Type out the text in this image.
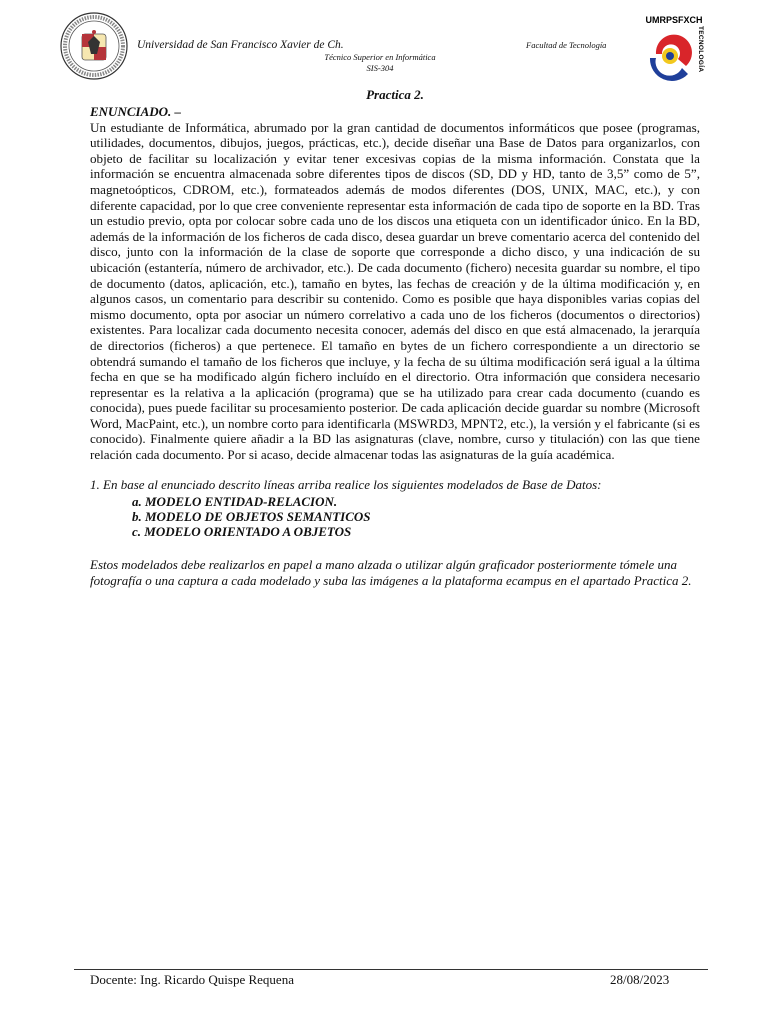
Universidad de San Francisco Xavier de Ch.	Facultad de Tecnología
Técnico Superior en Informática
SIS-304
UMRPSFXCH
TECNOLOGÍA

Practica 2.

ENUNCIADO. –

Un estudiante de Informática, abrumado por la gran cantidad de documentos informáticos que posee (programas, utilidades, documentos, dibujos, juegos, prácticas, etc.), decide diseñar una Base de Datos para organizarlos, con objeto de facilitar su localización y evitar tener excesivas copias de la misma información. Constata que la información se encuentra almacenada sobre diferentes tipos de discos (SD, DD y HD, tanto de 3,5” como de 5”, magnetoópticos, CDROM, etc.), formateados además de modos diferentes (DOS, UNIX, MAC, etc.), y con diferente capacidad, por lo que cree conveniente representar esta información de cada tipo de soporte en la BD. Tras un estudio previo, opta por colocar sobre cada uno de los discos una etiqueta con un identificador único. En la BD, además de la información de los ficheros de cada disco, desea guardar un breve comentario acerca del contenido del disco, junto con la información de la clase de soporte que corresponde a dicho disco, y una indicación de su ubicación (estantería, número de archivador, etc.). De cada documento (fichero) necesita guardar su nombre, el tipo de documento (datos, aplicación, etc.), tamaño en bytes, las fechas de creación y de la última modificación y, en algunos casos, un comentario para describir su contenido. Como es posible que haya disponibles varias copias del mismo documento, opta por asociar un número correlativo a cada uno de los ficheros (documentos o directorios) existentes. Para localizar cada documento necesita conocer, además del disco en que está almacenado, la jerarquía de directorios (ficheros) a que pertenece. El tamaño en bytes de un fichero correspondiente a un directorio se obtendrá sumando el tamaño de los ficheros que incluye, y la fecha de su última modificación será igual a la última fecha en que se ha modificado algún fichero incluído en el directorio. Otra información que considera necesario representar es la relativa a la aplicación (programa) que se ha utilizado para crear cada documento (cuando es conocida), pues puede facilitar su procesamiento posterior. De cada aplicación decide guardar su nombre (Microsoft Word, MacPaint, etc.), un nombre corto para identificarla (MSWRD3, MPNT2, etc.), la versión y el fabricante (si es conocido). Finalmente quiere añadir a la BD las asignaturas (clave, nombre, curso y titulación) con las que tiene relación cada documento. Por si acaso, decide almacenar todas las asignaturas de la guía académica.

1. En base al enunciado descrito líneas arriba realice los siguientes modelados de Base de Datos:

a. MODELO ENTIDAD-RELACION.
b. MODELO DE OBJETOS SEMANTICOS
c. MODELO ORIENTADO A OBJETOS

Estos modelados debe realizarlos en papel a mano alzada o utilizar algún graficador posteriormente tómele una fotografía o una captura a cada modelado y suba las imágenes a la plataforma ecampus en el apartado Practica 2.

Docente: Ing. Ricardo Quispe Requena	28/08/2023
